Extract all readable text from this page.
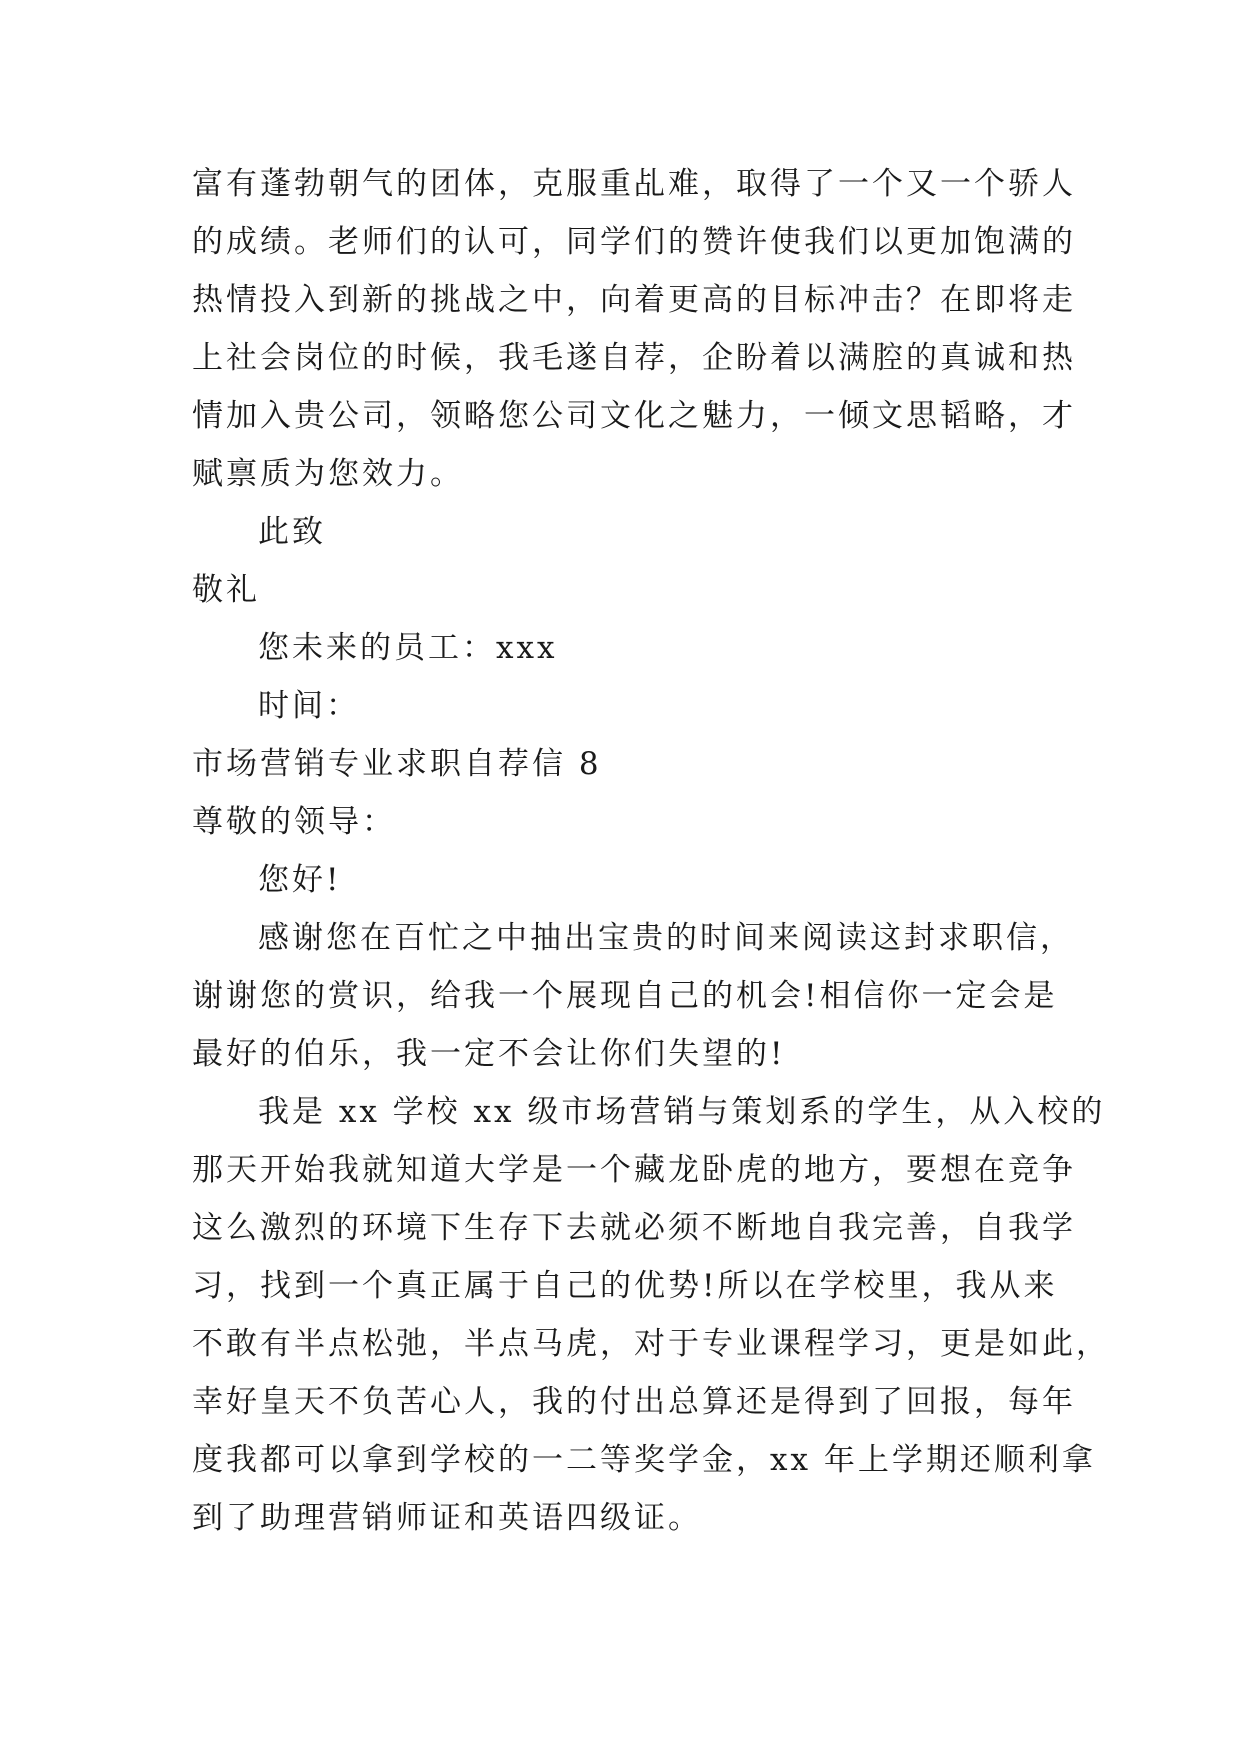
富有蓬勃朝气的团体，克服重乩难，取得了一个又一个骄人
的成绩。老师们的认可，同学们的赞许使我们以更加饱满的
热情投入到新的挑战之中，向着更高的目标冲击？在即将走
上社会岗位的时候，我毛遂自荐，企盼着以满腔的真诚和热
情加入贵公司，领略您公司文化之魅力，一倾文思韬略，才
赋禀质为您效力。
此致
敬礼
您未来的员工：xxx
时间：
市场营销专业求职自荐信 8
尊敬的领导：
您好!
感谢您在百忙之中抽出宝贵的时间来阅读这封求职信，
谢谢您的赏识，给我一个展现自己的机会!相信你一定会是
最好的伯乐，我一定不会让你们失望的!
我是 xx 学校 xx 级市场营销与策划系的学生，从入校的
那天开始我就知道大学是一个藏龙卧虎的地方，要想在竞争
这么激烈的环境下生存下去就必须不断地自我完善，自我学
习，找到一个真正属于自己的优势!所以在学校里，我从来
不敢有半点松弛，半点马虎，对于专业课程学习，更是如此，
幸好皇天不负苦心人，我的付出总算还是得到了回报，每年
度我都可以拿到学校的一二等奖学金，xx 年上学期还顺利拿
到了助理营销师证和英语四级证。
